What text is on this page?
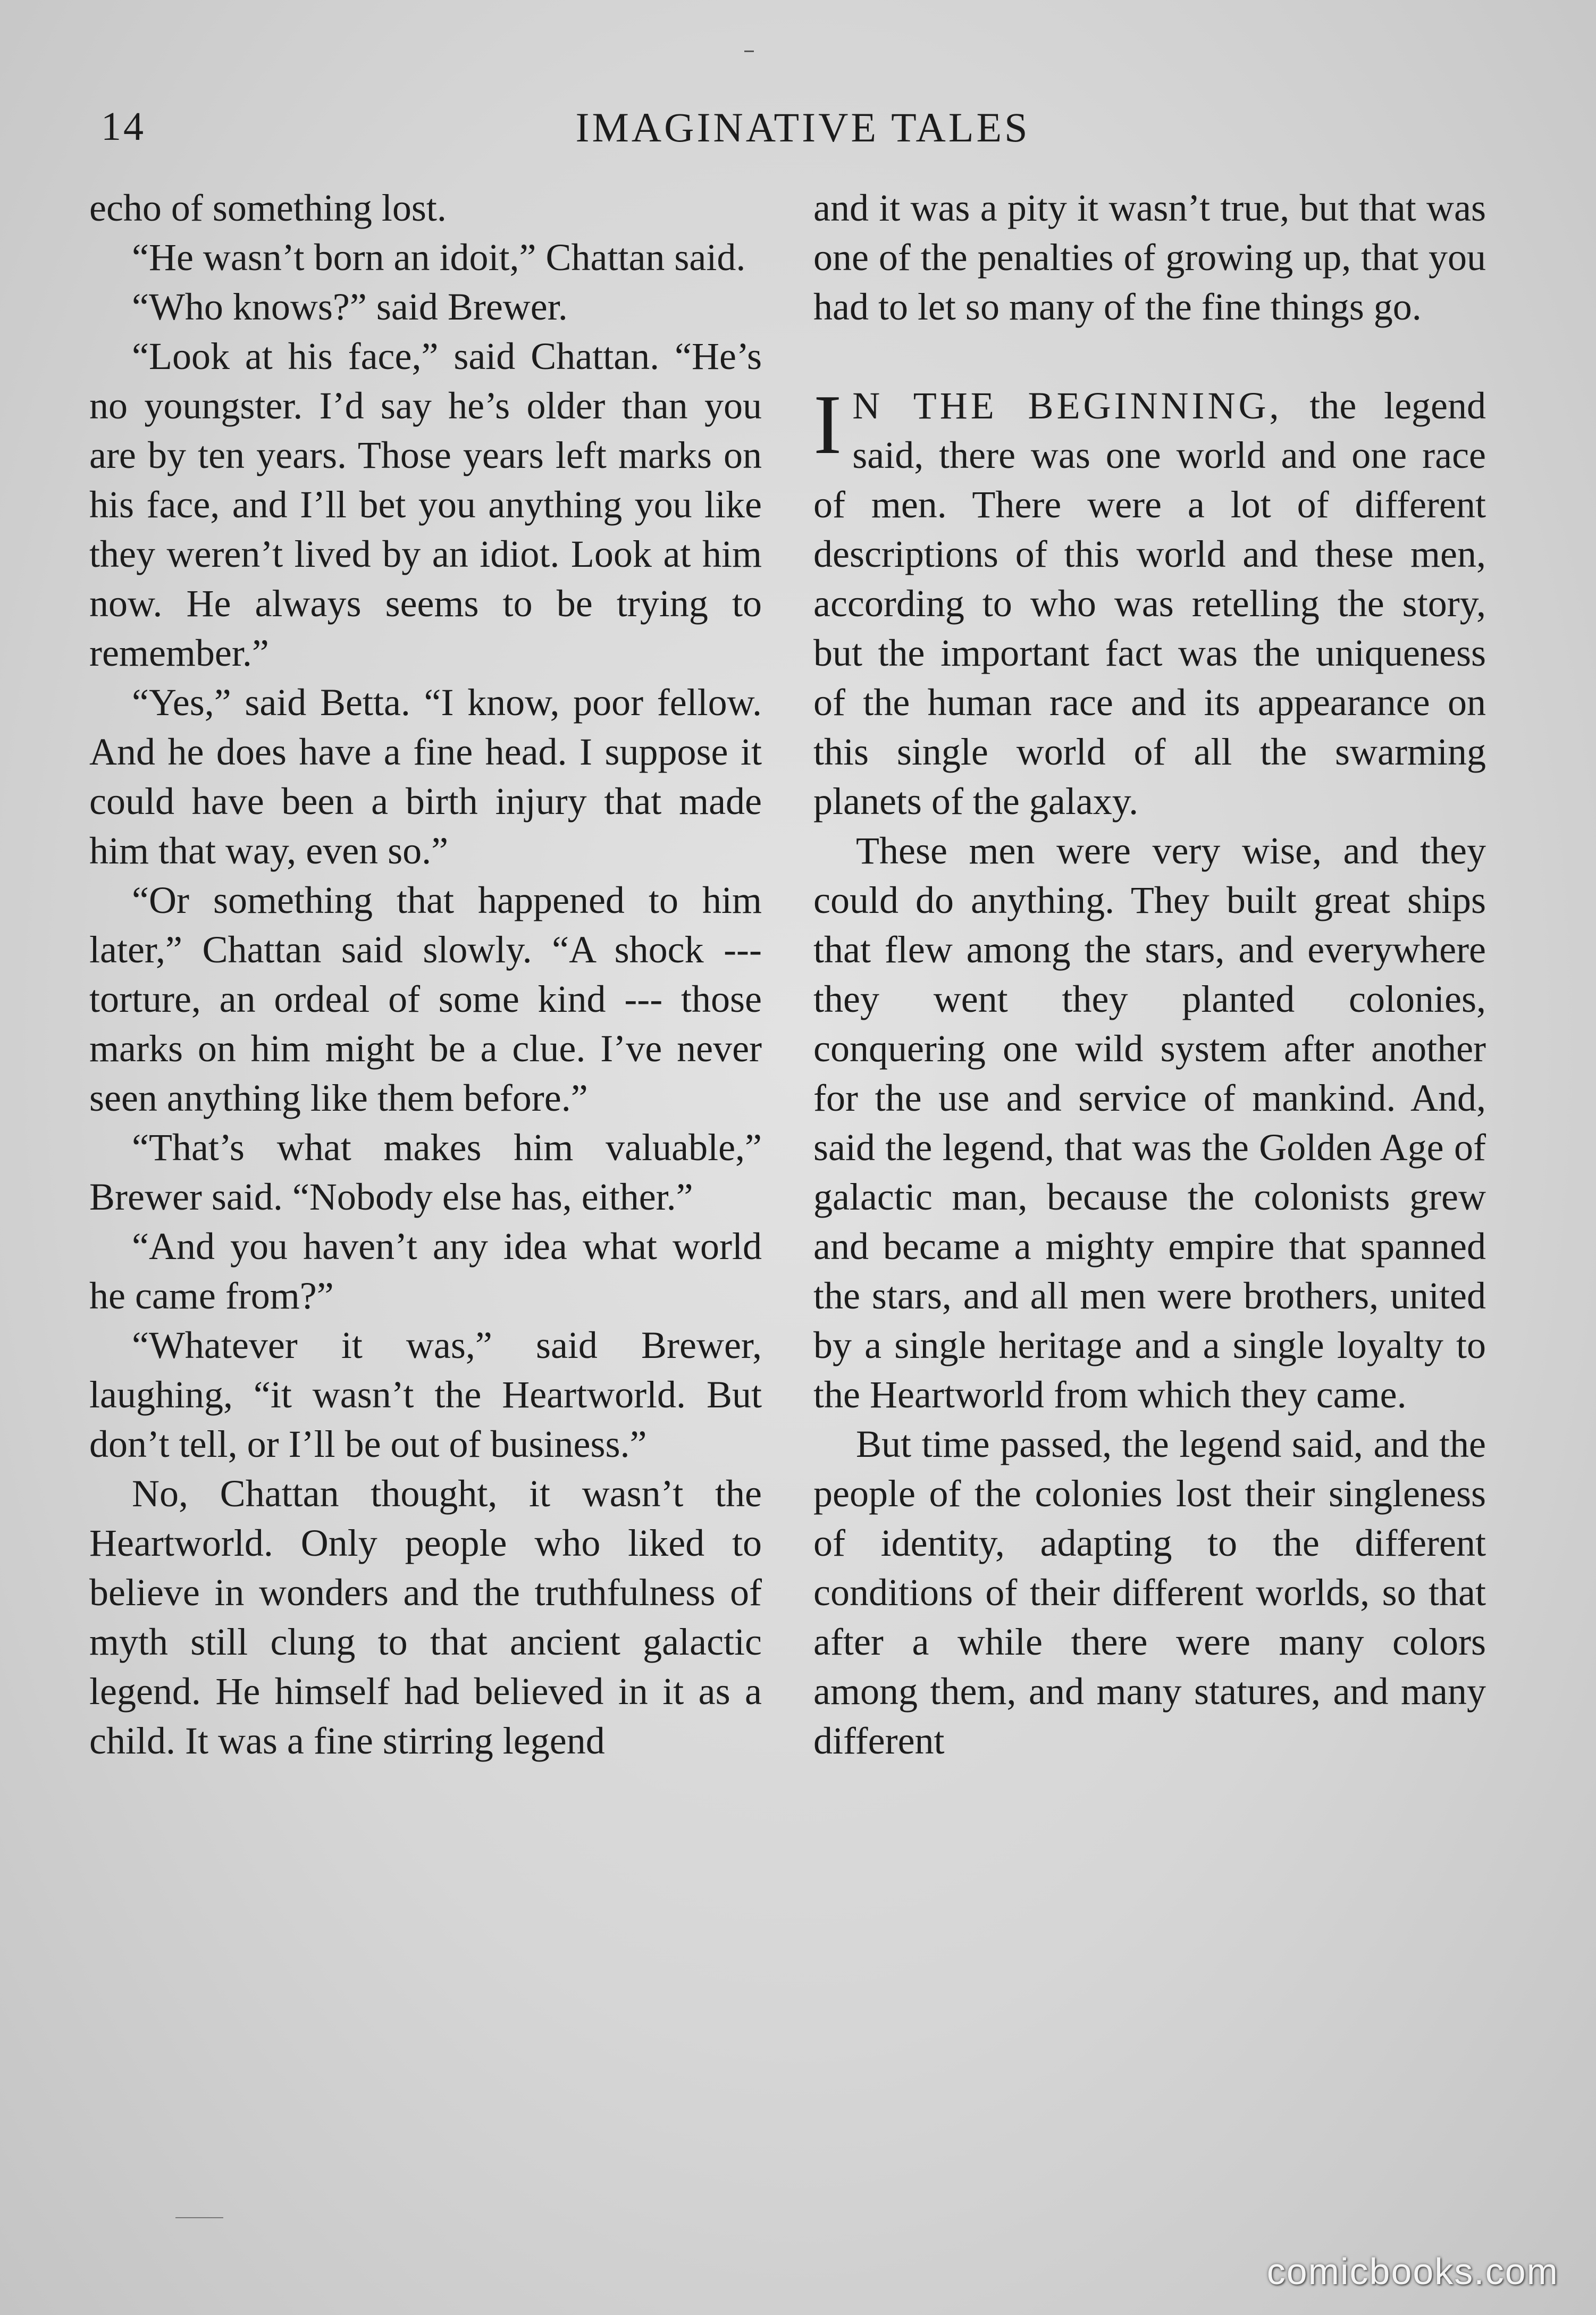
14	IMAGINATIVE TALES

echo of something lost.

“He wasn’t born an idoit,” Chattan said.

“Who knows?” said Brewer.

“Look at his face,” said Chattan. “He’s no youngster. I’d say he’s older than you are by ten years. Those years left marks on his face, and I’ll bet you anything you like they weren’t lived by an idiot. Look at him now. He always seems to be trying to remember.”

“Yes,” said Betta. “I know, poor fellow. And he does have a fine head. I suppose it could have been a birth injury that made him that way, even so.”

“Or something that happened to him later,” Chattan said slowly. “A shock --- torture, an ordeal of some kind --- those marks on him might be a clue. I’ve never seen anything like them before.”

“That’s what makes him valuable,” Brewer said. “Nobody else has, either.”

“And you haven’t any idea what world he came from?”

“Whatever it was,” said Brewer, laughing, “it wasn’t the Heartworld. But don’t tell, or I’ll be out of business.”

No, Chattan thought, it wasn’t the Heartworld. Only people who liked to believe in wonders and the truthfulness of myth still clung to that ancient galactic legend. He himself had believed in it as a child. It was a fine stirring legend

and it was a pity it wasn’t true, but that was one of the penalties of growing up, that you had to let so many of the fine things go.

I N THE BEGINNING, the legend said, there was one world and one race of men. There were a lot of different descriptions of this world and these men, according to who was retelling the story, but the important fact was the uniqueness of the human race and its appearance on this single world of all the swarming planets of the galaxy.

These men were very wise, and they could do anything. They built great ships that flew among the stars, and everywhere they went they planted colonies, conquering one wild system after another for the use and service of mankind. And, said the legend, that was the Golden Age of galactic man, because the colonists grew and became a mighty empire that spanned the stars, and all men were brothers, united by a single heritage and a single loyalty to the Heartworld from which they came.

But time passed, the legend said, and the people of the colonies lost their singleness of identity, adapting to the different conditions of their different worlds, so that after a while there were many colors among them, and many statures, and many different

comicbooks.com
